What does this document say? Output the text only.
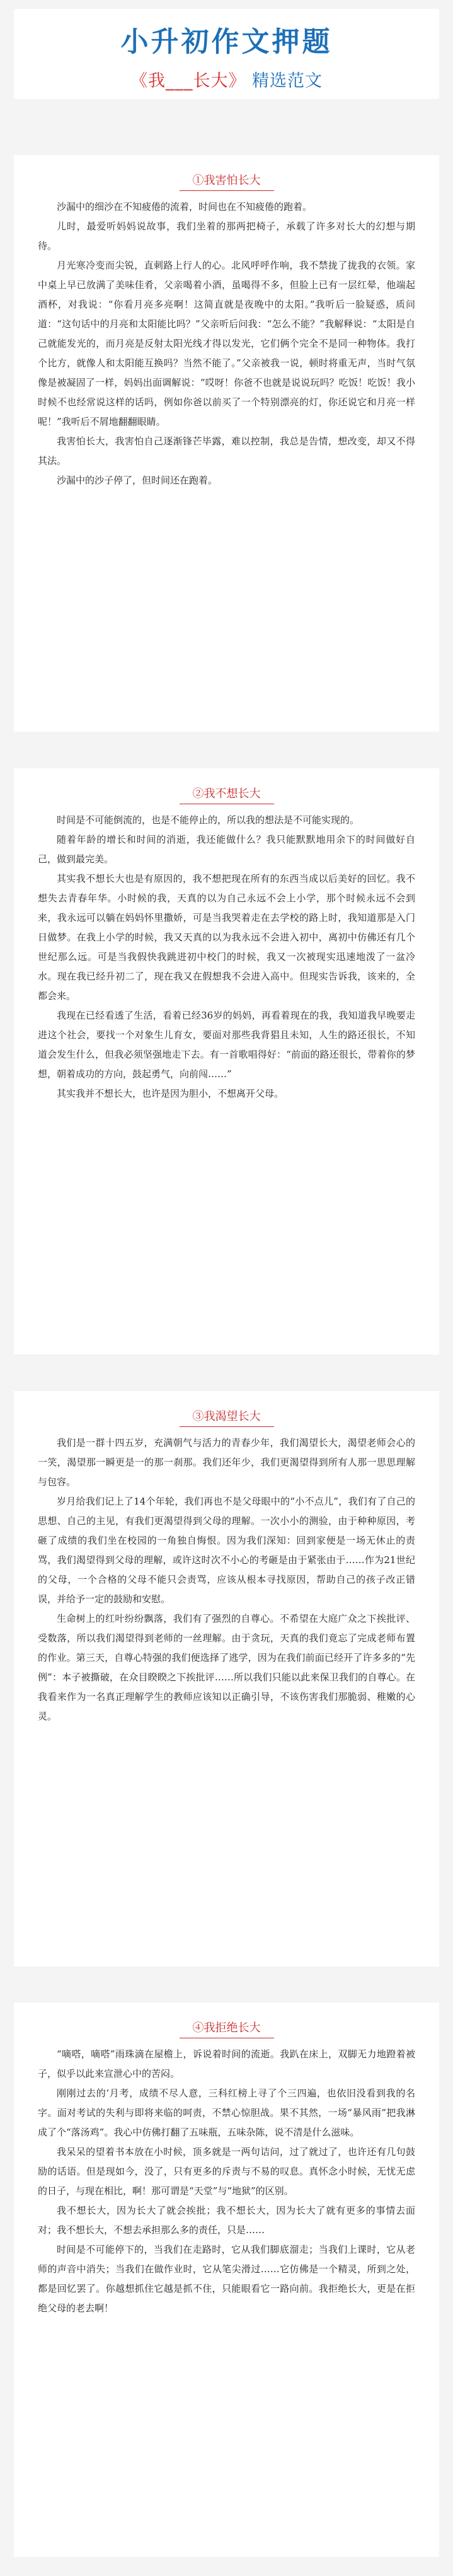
小升初作文押题
《我___长大》 精选范文
①我害怕长大

沙漏中的细沙在不知疲倦的流着，时间也在不知疲倦的跑着。

儿时，最爱听妈妈说故事，我们坐着的那两把椅子，承载了许多对长大的幻想与期待。

月光寒冷变而尖锐，直刺路上行人的心。北风呼呼作响，我不禁拢了拢我的衣领。家中桌上早已放满了美味佳肴，父亲喝着小酒，虽喝得不多，但脸上已有一层红晕，他端起酒杯，对我说：“你看月亮多亮啊！这简直就是夜晚中的太阳。”我听后一脸疑惑，质问道：“这句话中的月亮和太阳能比吗？”父亲听后问我：“怎么不能？”我解释说：“太阳是自己就能发光的，而月亮是反射太阳光线才得以发光，它们俩个完全不是同一种物体。我打个比方，就像人和太阳能互换吗？当然不能了。”父亲被我一说，顿时将重无声，当时气氛像是被凝固了一样，妈妈出面调解说：“哎呀！你爸不也就是说说玩吗？吃饭！吃饭！我小时候不也经常说这样的话吗，例如你爸以前买了一个特别漂亮的灯，你还说它和月亮一样呢！”我听后不屑地翻翻眼睛。

我害怕长大，我害怕自己逐渐锋芒毕露，难以控制，我总是告情，想改变，却又不得其法。

沙漏中的沙子停了，但时间还在跑着。

②我不想长大

时间是不可能倒流的，也是不能停止的，所以我的想法是不可能实现的。

随着年龄的增长和时间的消逝，我还能做什么？我只能默默地用余下的时间做好自己，做到最完美。

其实我不想长大也是有原因的，我不想把现在所有的东西当成以后美好的回忆。我不想失去青春年华。小时候的我，天真的以为自己永远不会上小学，那个时候永远不会到来，我永远可以躺在妈妈怀里撒娇，可是当我哭着走在去学校的路上时，我知道那是入门日做梦。在我上小学的时候，我又天真的以为我永远不会进入初中，离初中仿佛还有几个世纪那么远。可是当我假快我跳进初中校门的时候，我又一次被现实迅速地泼了一盆冷水。现在我已经升初二了，现在我又在假想我不会进入高中。但现实告诉我，该来的，全都会来。

我现在已经看透了生活，看着已经36岁的妈妈，再看着现在的我，我知道我早晚要走进这个社会，要找一个对象生儿育女，要面对那些我背猖且未知，人生的路还很长，不知道会发生什么，但我必须坚强地走下去。有一首歌唱得好：“前面的路还很长，带着你的梦想，朝着成功的方向，鼓起勇气，向前闯……”

其实我并不想长大，也许是因为胆小，不想离开父母。

③我渴望长大

我们是一群十四五岁，充满朝气与活力的青春少年，我们渴望长大，渴望老师会心的一笑，渴望那一瞬更是一的那一刹那。我们还年少，我们更渴望得到所有人那一思思理解与包容。

岁月给我们记上了14个年轮，我们再也不是父母眼中的“小不点儿”，我们有了自己的思想、自己的主见，有我们更渴望得到父母的理解。一次小小的测验，由于种种原因，考砸了成绩的我们坐在校园的一角独自悔恨。因为我们深知：回到家便是一场无休止的责骂，我们渴望得到父母的理解，或许这时次不小心的考砸是由于紧张由于……作为21世纪的父母，一个合格的父母不能只会责骂，应该从根本寻找原因，帮助自己的孩子改正错误，并给予一定的鼓励和安慰。

生命树上的红叶纷纷飘落，我们有了强烈的自尊心。不希望在大庭广众之下挨批评、受数落，所以我们渴望得到老师的一丝理解。由于贪玩，天真的我们竟忘了完成老师布置的作业。第三天，自尊心特强的我们便选择了逃学，因为在我们前面已经开了许多多的“先例”：本子被撕破，在众目睽睽之下挨批评……所以我们只能以此来保卫我们的自尊心。在我看来作为一名真正理解学生的教师应该知以正确引导，不该伤害我们那脆弱、稚嫩的心灵。

④我拒绝长大

“嘀嗒，嘀嗒”雨珠滴在屋檐上，诉说着时间的流逝。我趴在床上，双脚无力地蹬着被子，似乎以此来宣泄心中的苦闷。

刚刚过去的‘月考，成绩不尽人意，三科红榜上寻了个三四遍，也依旧没看到我的名字。面对考试的失利与即将来临的呵责，不禁心惊胆战。果不其然，一场“暴风雨”把我淋成了个“落汤鸡”。我心中仿佛打翻了五味瓶，五味杂陈，说不清是什么滋味。

我呆呆的望着书本放在小时候，顶多就是一两句诘问，过了就过了，也许还有几句鼓励的话语。但是现如今，没了，只有更多的斥责与不易的叹息。真怀念小时候，无忧无虑的日子，与现在相比，啊！那可谓是“天堂”与“地狱”的区别。

我不想长大，因为长大了就会挨批；我不想长大，因为长大了就有更多的事情去面对；我不想长大，不想去承担那么多的责任，只是……

时间是不可能停下的，当我们在走路时，它从我们脚底溜走；当我们上课时，它从老师的声音中消失；当我们在做作业时，它从笔尖滑过……它仿佛是一个精灵，所到之处，都是回忆罢了。你越想抓住它越是抓不住，只能眼看它一路向前。我拒绝长大，更是在拒绝父母的老去啊！
